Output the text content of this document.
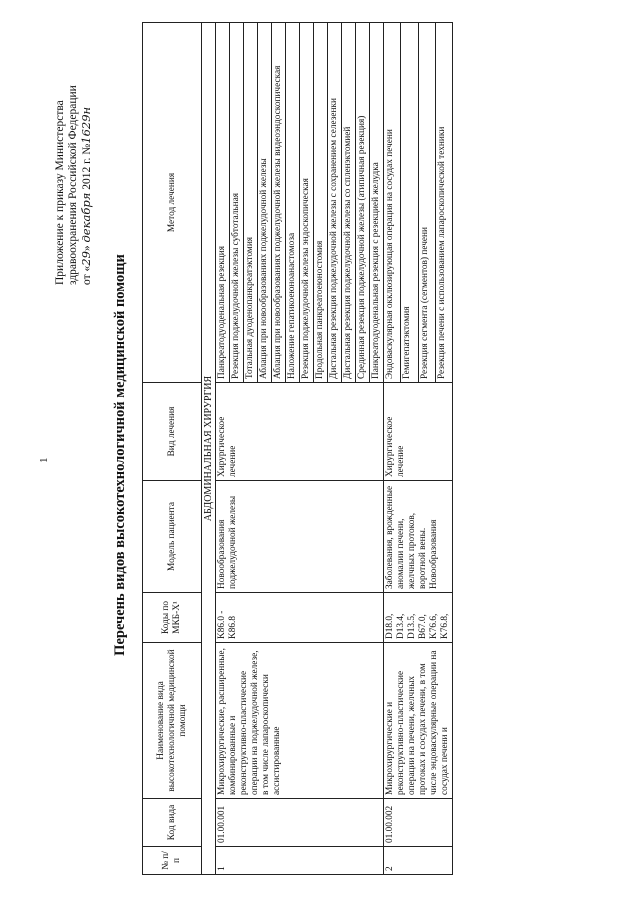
1
Приложение к приказу Министерства здравоохранения Российской Федерации от «29» декабря 2012 г. №1629н
Перечень видов высокотехнологичной медицинской помощи
№ п/п	Код вида	Наименование вида высокотехнологичной медицинской помощи	Коды по МКБ-X¹	Модель пациента	Вид лечения	Метод лечения
АБДОМИНАЛЬНАЯ ХИРУРГИЯ						
1	01.00.001	Микрохирургические, расширенные, комбинированные и реконструктивно-пластические операции на поджелудочной железе, в том числе лапароскопически ассистированные	K86.0 - K86.8	Новообразования поджелудочной железы	Хирургическое лечение	Панкреатодуоденальная резекция
						Резекция поджелудочной железы субтотальная
						Тотальная дуоденопанкреатэктомия
						Аблация при новообразованиях поджелудочной железы
						Аблация при новообразованиях поджелудочной железы видеоэндоскопическая
						Наложение гепатикоеюноанастомоза
						Резекция поджелудочной железы эндоскопическая
						Продольная панкреатоеюностомия
						Дистальная резекция поджелудочной железы с сохранением селезенки
						Дистальная резекция поджелудочной железы со спленэктомией
						Срединная резекция поджелудочной железы (атипичная резекция)
						Панкреатодуоденальная резекция с резекцией желудка
2	01.00.002	Микрохирургические и реконструктивно-пластические операции на печени, желчных протоках и сосудах печени, в том числе эндоваскулярные операции на сосудах печени и	D18.0, D13.4, D13.5, B67.0, K76.6, K76.8,	Заболевания, врожденные аномалии печени, желчных протоков, воротной вены. Новообразования	Хирургическое лечение	Эндоваскулярная окклюзирующая операция на сосудах печени
						Гемигепатэктомия
						Резекция сегмента (сегментов) печени
						Резекция печени с использованием лапароскопической техники
